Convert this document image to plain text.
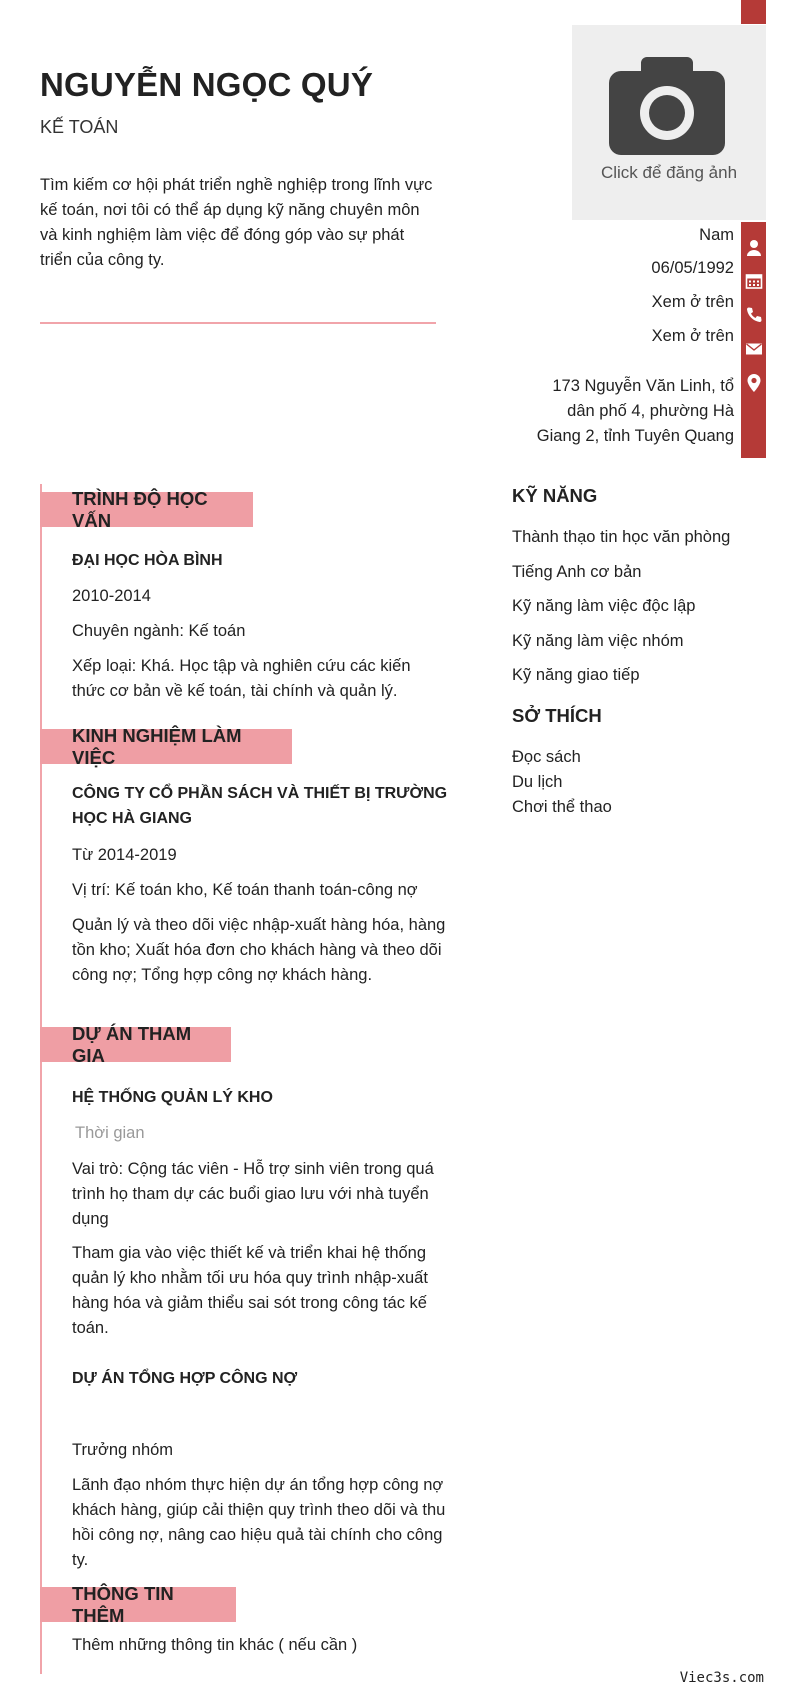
NGUYỄN NGỌC QUÝ
KẾ TOÁN
Tìm kiếm cơ hội phát triển nghề nghiệp trong lĩnh vực kế toán, nơi tôi có thể áp dụng kỹ năng chuyên môn và kinh nghiệm làm việc để đóng góp vào sự phát triển của công ty.
Click để đăng ảnh
Nam
06/05/1992
Xem ở trên
Xem ở trên
173 Nguyễn Văn Linh, tổ
dân phố 4, phường Hà
Giang 2, tỉnh Tuyên Quang
TRÌNH ĐỘ HỌC VẤN
ĐẠI HỌC HÒA BÌNH
2010-2014
Chuyên ngành: Kế toán
Xếp loại: Khá. Học tập và nghiên cứu các kiến
thức cơ bản về kế toán, tài chính và quản lý.
KINH NGHIỆM LÀM VIỆC
CÔNG TY CỔ PHẦN SÁCH VÀ THIẾT BỊ TRƯỜNG
HỌC HÀ GIANG
Từ 2014-2019
Vị trí: Kế toán kho, Kế toán thanh toán-công nợ
Quản lý và theo dõi việc nhập-xuất hàng hóa, hàng tồn kho; Xuất hóa đơn cho khách hàng và theo dõi công nợ; Tổng hợp công nợ khách hàng.
DỰ ÁN THAM GIA
HỆ THỐNG QUẢN LÝ KHO
Thời gian
Vai trò: Cộng tác viên - Hỗ trợ sinh viên trong quá trình họ tham dự các buổi giao lưu với nhà tuyển dụng
Tham gia vào việc thiết kế và triển khai hệ thống quản lý kho nhằm tối ưu hóa quy trình nhập-xuất hàng hóa và giảm thiểu sai sót trong công tác kế toán.
DỰ ÁN TỔNG HỢP CÔNG NỢ
Trưởng nhóm
Lãnh đạo nhóm thực hiện dự án tổng hợp công nợ khách hàng, giúp cải thiện quy trình theo dõi và thu hồi công nợ, nâng cao hiệu quả tài chính cho công ty.
THÔNG TIN THÊM
Thêm những thông tin khác ( nếu cần )
KỸ NĂNG
Thành thạo tin học văn phòng
Tiếng Anh cơ bản
Kỹ năng làm việc độc lập
Kỹ năng làm việc nhóm
Kỹ năng giao tiếp
SỞ THÍCH
Đọc sách
Du lịch
Chơi thể thao
Viec3s.com
